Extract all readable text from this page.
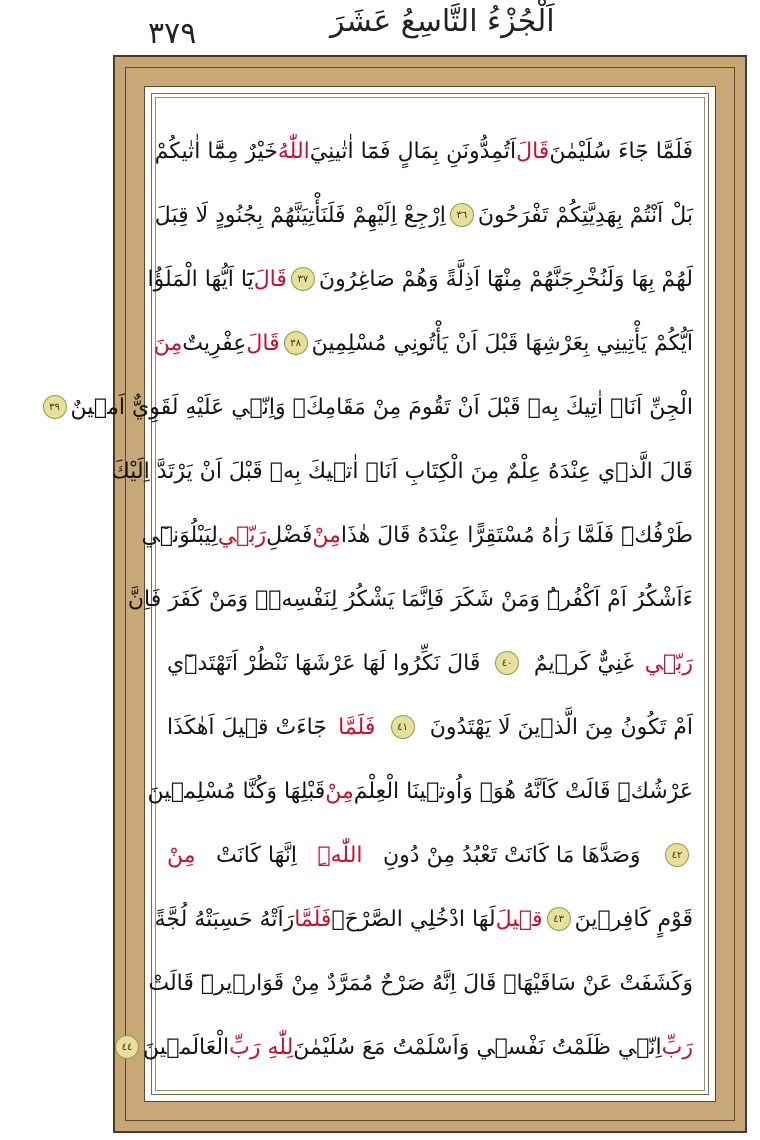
٣٧٩	اَلْجُزْءُ التَّاسِعُ عَشَرَ
فَلَمَّا جَٓاءَ سُلَيْمٰنَ
قَالَ
اَتُمِدُّونَنِ بِمَالٍ فَمَٓا اٰتٰينِيَ
اللّٰهُ
خَيْرٌ مِمَّٓا اٰتٰيكُمْ
بَلْ اَنْتُمْ بِهَدِيَّتِكُمْ تَفْرَحُونَ
٣٦
اِرْجِعْ اِلَيْهِمْ فَلَنَأْتِيَنَّهُمْ بِجُنُودٍ لَا قِبَلَ
لَهُمْ بِهَا وَلَنُخْرِجَنَّهُمْ مِنْهَٓا اَذِلَّةً وَهُمْ صَاغِرُونَ
٣٧
قَالَ
يَٓا اَيُّهَا الْمَلَؤُا
اَيُّكُمْ يَأْتِينِي بِعَرْشِهَا قَبْلَ اَنْ يَأْتُونِي مُسْلِمِينَ
٣٨
قَالَ
عِفْرِيتٌ
مِنَ
الْجِنِّ اَنَا۬ اٰتِيكَ بِهٖ قَبْلَ اَنْ تَقُومَ مِنْ مَقَامِكَۚ وَاِنّ۪ي عَلَيْهِ لَقَوِيٌّ اَمٖينٌ
٣٩
قَالَ الَّذٖي عِنْدَهُ عِلْمٌ مِنَ الْكِتَابِ اَنَا۬ اٰتٖيكَ بِهٖ قَبْلَ اَنْ يَرْتَدَّ اِلَيْكَ
طَرْفُكَۜ فَلَمَّا رَاٰهُ مُسْتَقِرًّا عِنْدَهُ قَالَ هٰذَا
مِنْ
فَضْلِ
رَبّ۪ي
لِيَبْلُوَن۪ٓي
ءَاَشْكُرُ اَمْ اَكْفُرُۜ وَمَنْ شَكَرَ فَاِنَّمَا يَشْكُرُ لِنَفْسِهٖۚ وَمَنْ كَفَرَ فَاِنَّ
رَبّ۪ي
غَنِيٌّ كَرٖيمٌ
٤٠
قَالَ نَكِّرُوا لَهَا عَرْشَهَا نَنْظُرْ اَتَهْتَدٖٓي
اَمْ تَكُونُ مِنَ الَّذٖينَ لَا يَهْتَدُونَ
٤١
فَلَمَّا
جَٓاءَتْ قٖيلَ اَهٰكَذَا
عَرْشُكِۜ قَالَتْ كَاَنَّهُ هُوَۚ وَاُوتٖينَا الْعِلْمَ
مِنْ
قَبْلِهَا وَكُنَّا مُسْلِمٖينَ
٤٢
وَصَدَّهَا مَا كَانَتْ تَعْبُدُ مِنْ دُونِ
اللّٰهِۜ
اِنَّهَا كَانَتْ
مِنْ
قَوْمٍ كَافِرٖينَ
٤٣
قٖيلَ
لَهَا ادْخُلِي الصَّرْحَۚ
فَلَمَّا
رَاَتْهُ حَسِبَتْهُ لُجَّةً
وَكَشَفَتْ عَنْ سَاقَيْهَاۜ قَالَ اِنَّهُ صَرْحٌ مُمَرَّدٌ مِنْ قَوَارٖيرَۜ قَالَتْ
رَبِّ
اِنّ۪ي ظَلَمْتُ نَفْسٖي وَاَسْلَمْتُ مَعَ سُلَيْمٰنَ
لِلّٰهِ رَبِّ
الْعَالَمٖينَ
٤٤
